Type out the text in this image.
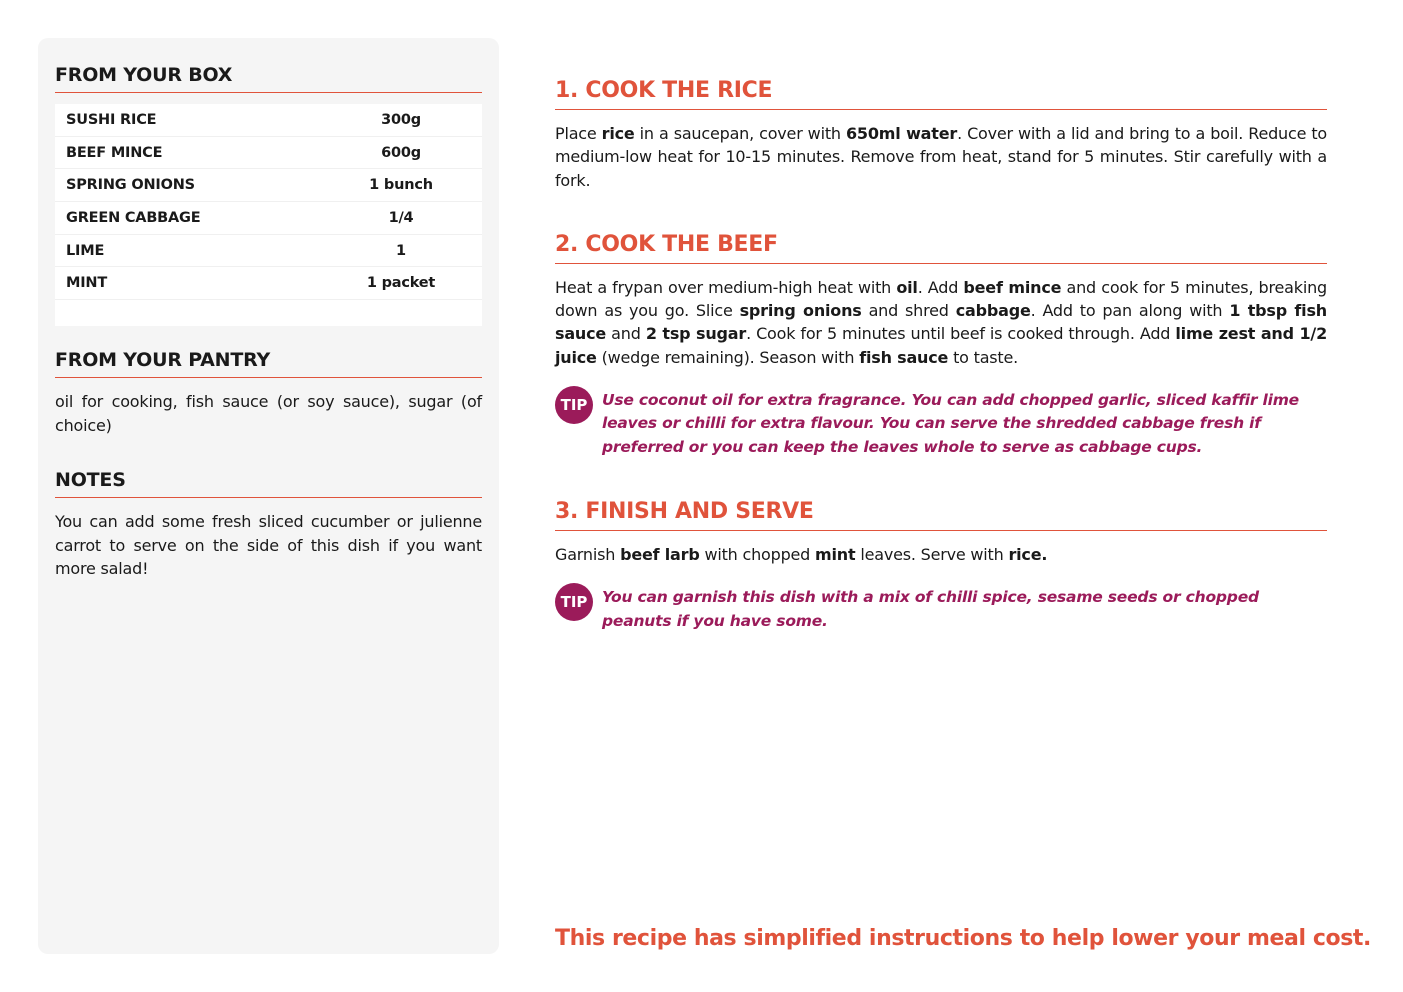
FROM YOUR BOX
SUSHI RICE	300g
BEEF MINCE	600g
SPRING ONIONS	1 bunch
GREEN CABBAGE	1/4
LIME	1
MINT	1 packet
FROM YOUR PANTRY

oil for cooking, fish sauce (or soy sauce), sugar (of choice)

NOTES

You can add some fresh sliced cucumber or julienne carrot to serve on the side of this dish if you want more salad!

1. COOK THE RICE

Place rice in a saucepan, cover with 650ml water. Cover with a lid and bring to a boil. Reduce to medium-low heat for 10-15 minutes. Remove from heat, stand for 5 minutes. Stir carefully with a fork.

2. COOK THE BEEF

Heat a frypan over medium-high heat with oil. Add beef mince and cook for 5 minutes, breaking down as you go. Slice spring onions and shred cabbage. Add to pan along with 1 tbsp fish sauce and 2 tsp sugar. Cook for 5 minutes until beef is cooked through. Add lime zest and 1/2 juice (wedge remaining). Season with fish sauce to taste.

TIP Use coconut oil for extra fragrance. You can add chopped garlic, sliced kaffir lime leaves or chilli for extra flavour. You can serve the shredded cabbage fresh if preferred or you can keep the leaves whole to serve as cabbage cups.
3. FINISH AND SERVE

Garnish beef larb with chopped mint leaves. Serve with rice.

TIP You can garnish this dish with a mix of chilli spice, sesame seeds or chopped peanuts if you have some.
This recipe has simplified instructions to help lower your meal cost.
